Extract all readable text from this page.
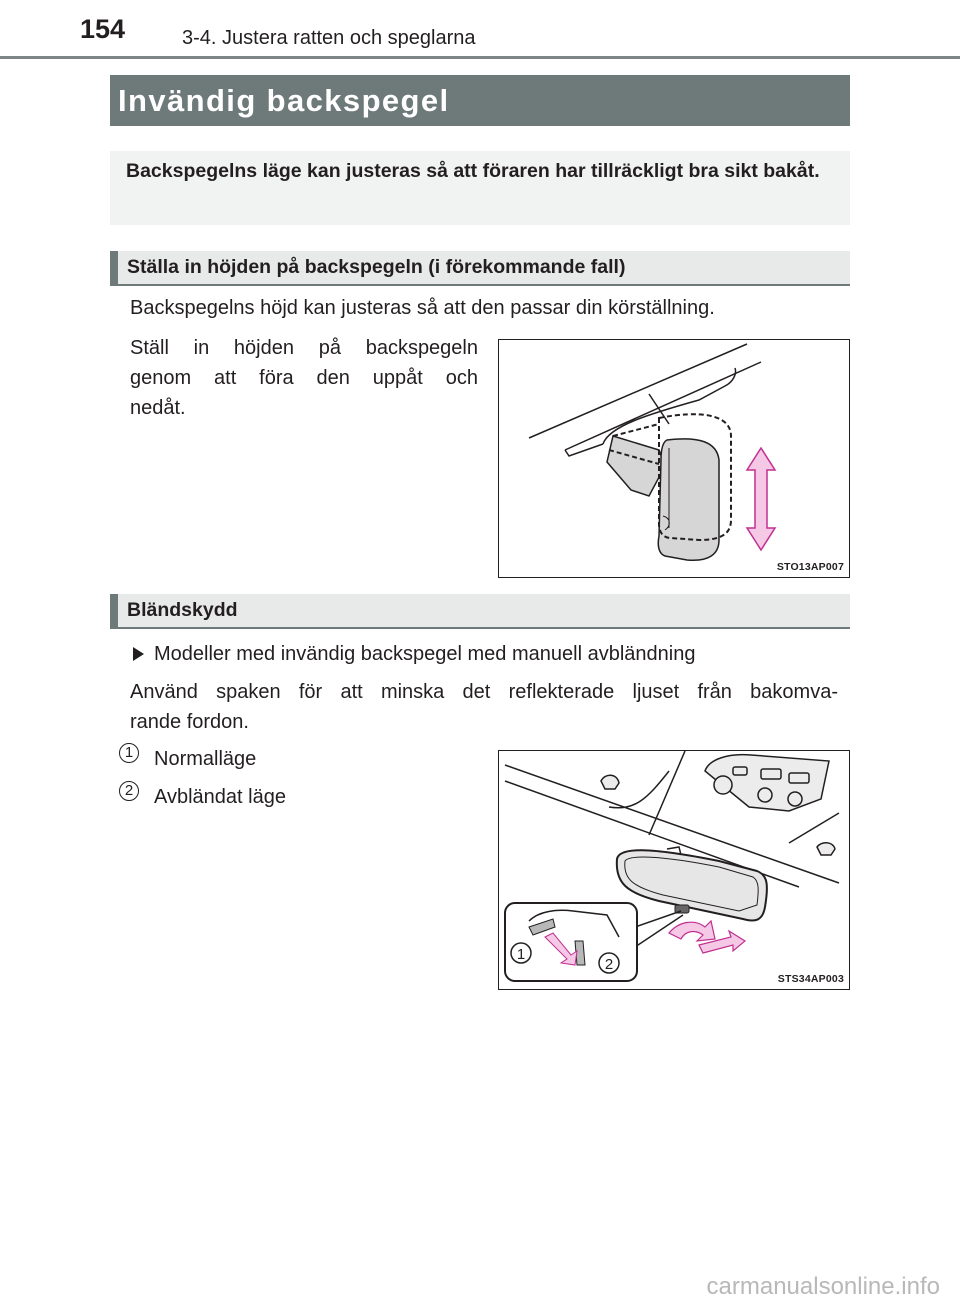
154	3-4. Justera ratten och speglarna
Invändig backspegel
Backspegelns läge kan justeras så att föraren har tillräckligt bra sikt bakåt.
Ställa in höjden på backspegeln (i förekommande fall)
Backspegelns höjd kan justeras så att den passar din körställning.
Ställ in höjden på backspegeln
genom att föra den uppåt och
nedåt.
STO13AP007
Bländskydd
Modeller med invändig backspegel med manuell avbländning
Använd spaken för att minska det reflekterade ljuset från bakomva-
rande fordon.
1 Normalläge
2 Avbländat läge
1
2
STS34AP003
carmanualsonline.info
